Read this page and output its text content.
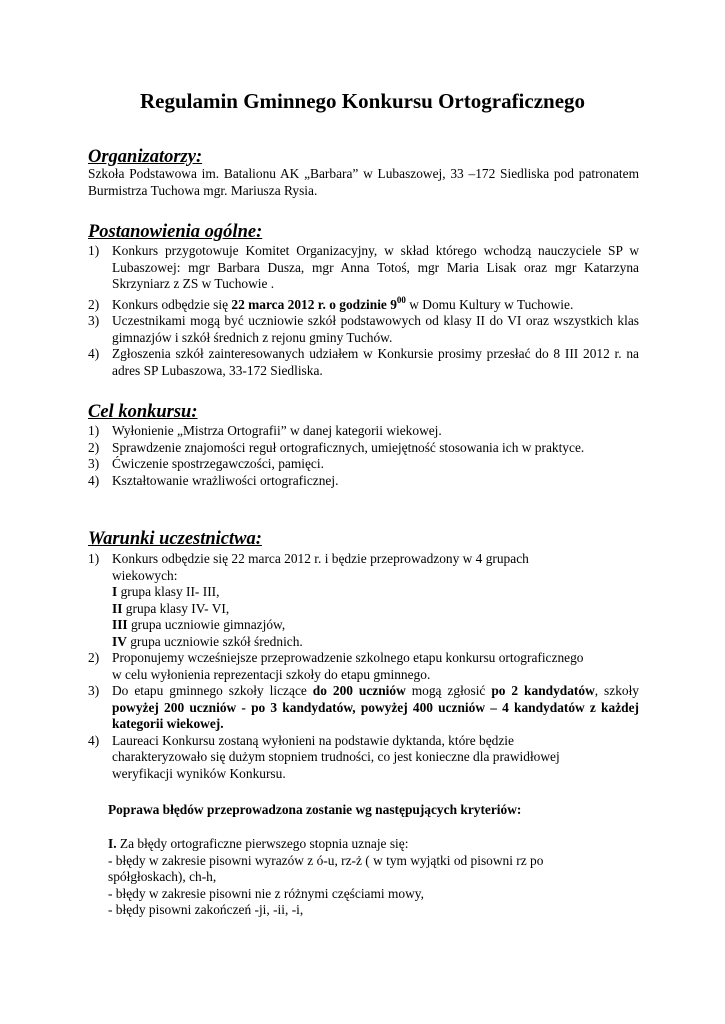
Regulamin Gminnego Konkursu Ortograficznego
Organizatorzy:
Szkoła Podstawowa im. Batalionu AK „Barbara” w Lubaszowej, 33 –172 Siedliska pod patronatem Burmistrza Tuchowa mgr. Mariusza Rysia.
Postanowienia ogólne:
1) Konkurs przygotowuje Komitet Organizacyjny, w skład którego wchodzą nauczyciele SP w Lubaszowej: mgr Barbara Dusza, mgr Anna Totoś, mgr Maria Lisak oraz mgr Katarzyna Skrzyniarz z ZS w Tuchowie .
2) Konkurs odbędzie się 22 marca 2012 r. o godzinie $9^{00}$ w Domu Kultury w Tuchowie.
3) Uczestnikami mogą być uczniowie szkół podstawowych od klasy II do VI oraz wszystkich klas gimnazjów i szkół średnich z rejonu gminy Tuchów.
4) Zgłoszenia szkół zainteresowanych udziałem w Konkursie prosimy przesłać do 8 III 2012 r. na adres SP Lubaszowa, 33-172 Siedliska.
Cel konkursu:
1) Wyłonienie „Mistrza Ortografii” w danej kategorii wiekowej.
2) Sprawdzenie znajomości reguł ortograficznych, umiejętność stosowania ich w praktyce.
3) Ćwiczenie spostrzegawczości, pamięci.
4) Kształtowanie wrażliwości ortograficznej.
Warunki uczestnictwa:
1) Konkurs odbędzie się 22 marca 2012 r. i będzie przeprowadzony w 4 grupach
wiekowych:
I grupa klasy II- III,
II grupa klasy IV- VI,
III grupa uczniowie gimnazjów,
IV grupa uczniowie szkół średnich.
2) Proponujemy wcześniejsze przeprowadzenie szkolnego etapu konkursu ortograficznego
w celu wyłonienia reprezentacji szkoły do etapu gminnego.
3) Do etapu gminnego szkoły liczące do 200 uczniów mogą zgłosić po 2 kandydatów, szkoły powyżej 200 uczniów - po 3 kandydatów, powyżej 400 uczniów – 4 kandydatów z każdej kategorii wiekowej.
4) Laureaci Konkursu zostaną wyłonieni na podstawie dyktanda, które będzie
charakteryzowało się dużym stopniem trudności, co jest konieczne dla prawidłowej
weryfikacji wyników Konkursu.
Poprawa błędów przeprowadzona zostanie wg następujących kryteriów:
I. Za błędy ortograficzne pierwszego stopnia uznaje się:
- błędy w zakresie pisowni wyrazów z ó-u, rz-ż ( w tym wyjątki od pisowni rz po
spółgłoskach), ch-h,
- błędy w zakresie pisowni nie z różnymi częściami mowy,
- błędy pisowni zakończeń -ji, -ii, -i,
